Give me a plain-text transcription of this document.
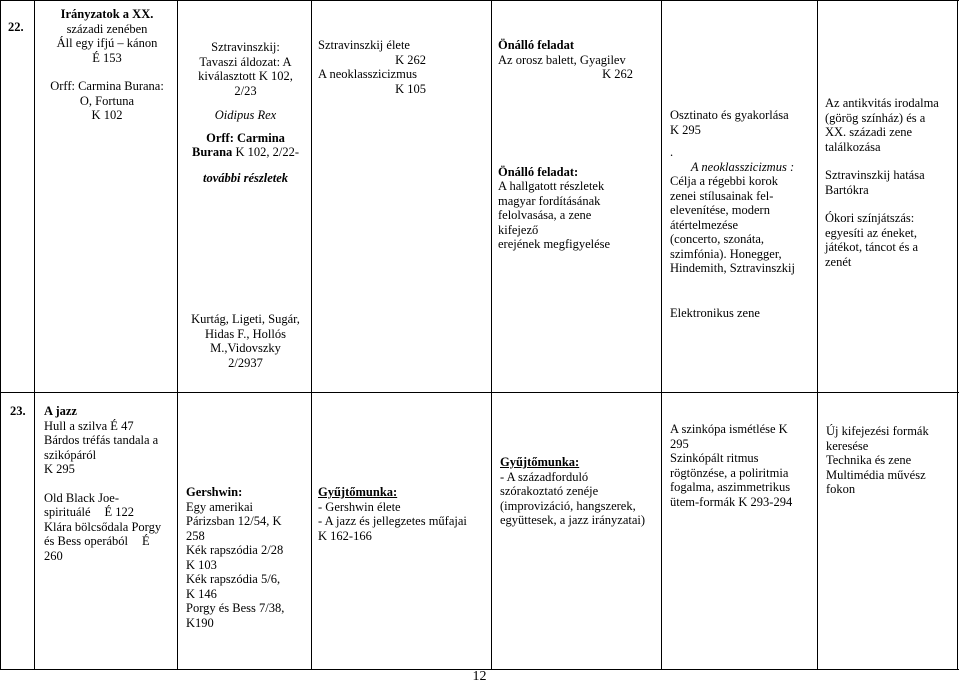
22.
Irányzatok a XX.
századi zenében
Áll egy ifjú – kánon
É 153
Orff: Carmina Burana:
O, Fortuna
K 102
Sztravinszkij:
Tavaszi áldozat: A
kiválasztott K 102,
2/23
Oidipus Rex
Orff: Carmina
Burana K 102, 2/22-
további részletek
Kurtág, Ligeti, Sugár,
Hidas F., Hollós
M.,Vidovszky
2/2937
Sztravinszkij élete
K 262
A neoklasszicizmus
K 105
Önálló feladat
Az orosz balett, Gyagilev
K 262
Önálló feladat:
A hallgatott részletek
magyar fordításának
felolvasása, a zene kifejező
erejének megfigyelése
Osztinato és gyakorlása
K 295
.
A neoklasszicizmus :
Célja a régebbi korok
zenei stílusainak fel-
elevenítése, modern
átértelmezése
(concerto, szonáta,
szimfónia). Honegger,
Hindemith, Sztravinszkij
Elektronikus zene
Az antikvitás irodalma
(görög színház) és a
XX. századi zene
találkozása
Sztravinszkij hatása
Bartókra
Ókori színjátszás:
egyesíti az éneket,
játékot, táncot és a
zenét
23. A jazz
Hull a szilva É 47
Bárdos tréfás tandala a
szikópáról
K 295
Old Black Joe-
spirituálé É 122
Klára bölcsődala Porgy
és Bess operából É
260
Gershwin:
Egy amerikai
Párizsban 12/54, K
258
Kék rapszódia 2/28
K 103
Kék rapszódia 5/6,
K 146
Porgy és Bess 7/38,
K190
Gyűjtőmunka:
- Gershwin élete
- A jazz és jellegzetes műfajai
K 162-166
Gyűjtőmunka:
- A századforduló
szórakoztató zenéje
(improvizáció, hangszerek,
együttesek, a jazz irányzatai)
A szinkópa ismétlése K
295
Szinkópált ritmus
rögtönzése, a poliritmia
fogalma, aszimmetrikus
ütem-formák K 293-294
Új kifejezési formák
keresése
Technika és zene
Multimédia művész
fokon
12
